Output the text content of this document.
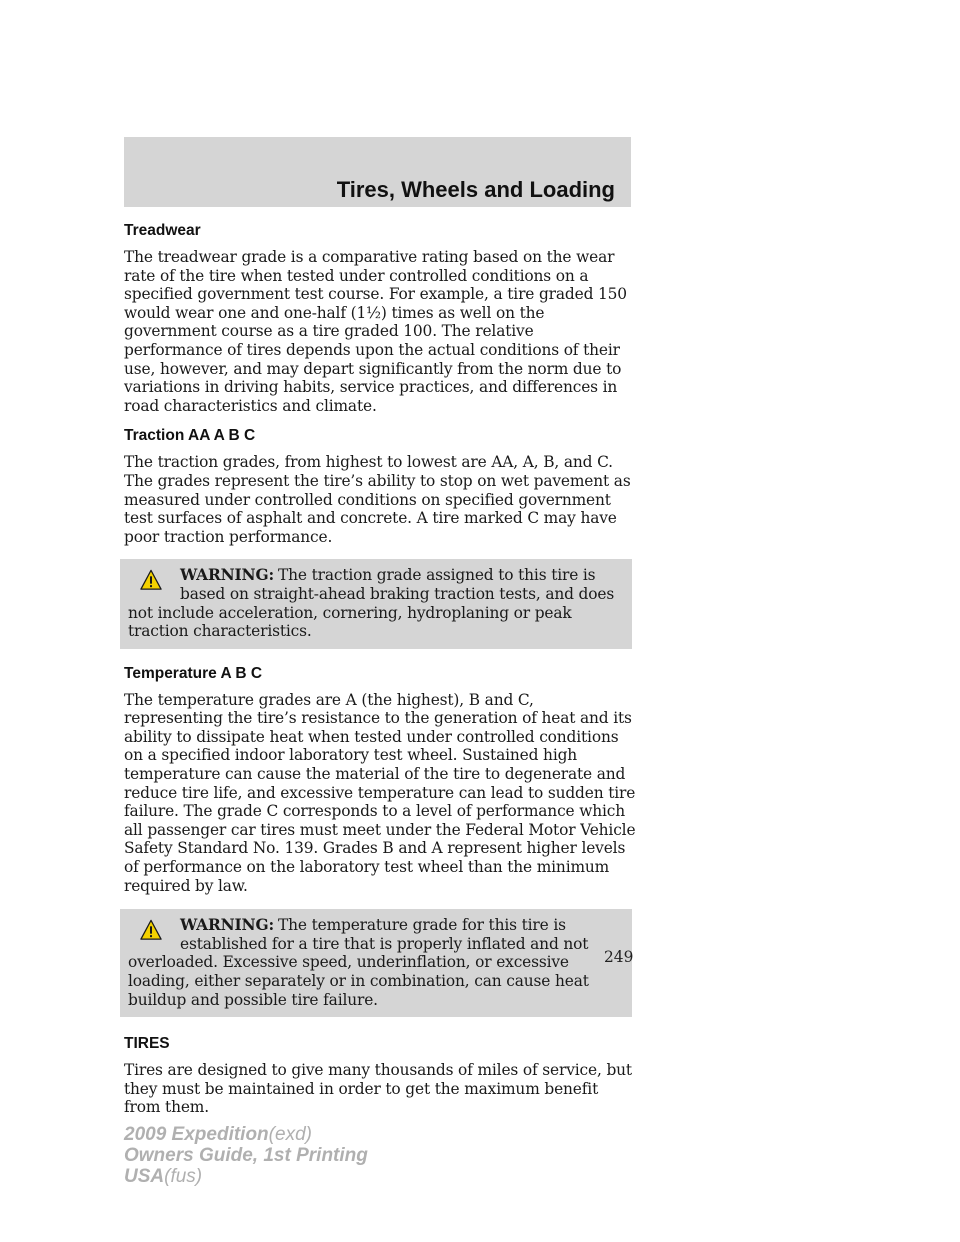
Tires, Wheels and Loading
Treadwear

The treadwear grade is a comparative rating based on the wear rate of the tire when tested under controlled conditions on a specified government test course. For example, a tire graded 150 would wear one and one-half (1½) times as well on the government course as a tire graded 100. The relative performance of tires depends upon the actual conditions of their use, however, and may depart significantly from the norm due to variations in driving habits, service practices, and differences in road characteristics and climate.

Traction AA A B C

The traction grades, from highest to lowest are AA, A, B, and C. The grades represent the tire’s ability to stop on wet pavement as measured under controlled conditions on specified government test surfaces of asphalt and concrete. A tire marked C may have poor traction performance.

WARNING: The traction grade assigned to this tire is based on straight-ahead braking traction tests, and does not include acceleration, cornering, hydroplaning or peak traction characteristics.
Temperature A B C

The temperature grades are A (the highest), B and C, representing the tire’s resistance to the generation of heat and its ability to dissipate heat when tested under controlled conditions on a specified indoor laboratory test wheel. Sustained high temperature can cause the material of the tire to degenerate and reduce tire life, and excessive temperature can lead to sudden tire failure. The grade C corresponds to a level of performance which all passenger car tires must meet under the Federal Motor Vehicle Safety Standard No. 139. Grades B and A represent higher levels of performance on the laboratory test wheel than the minimum required by law.

WARNING: The temperature grade for this tire is established for a tire that is properly inflated and not overloaded. Excessive speed, underinflation, or excessive loading, either separately or in combination, can cause heat buildup and possible tire failure.
TIRES

Tires are designed to give many thousands of miles of service, but they must be maintained in order to get the maximum benefit from them.

249
2009 Expedition(exd)
Owners Guide, 1st Printing
USA(fus)
